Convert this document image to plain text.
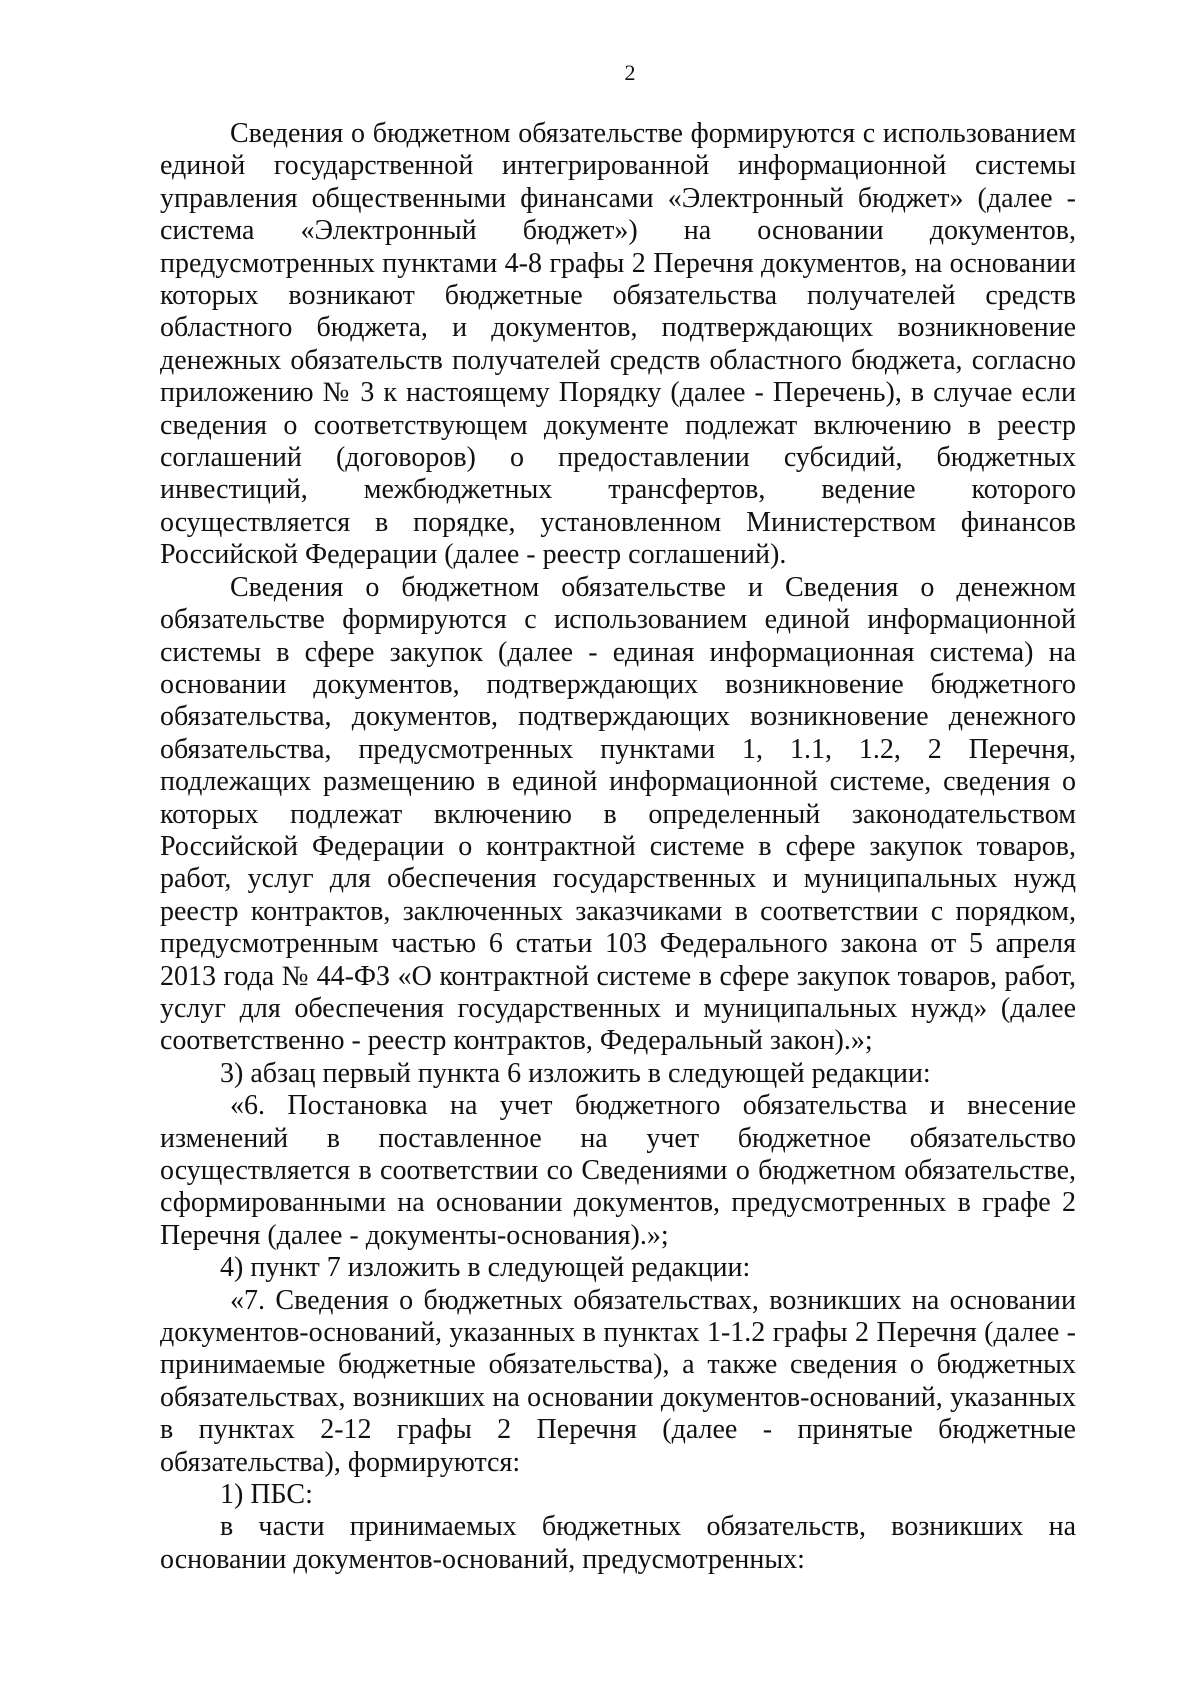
2

Сведения о бюджетном обязательстве формируются с использованием единой государственной интегрированной информационной системы управления общественными финансами «Электронный бюджет» (далее - система «Электронный бюджет») на основании документов, предусмотренных пунктами 4-8 графы 2 Перечня документов, на основании которых возникают бюджетные обязательства получателей средств областного бюджета, и документов, подтверждающих возникновение денежных обязательств получателей средств областного бюджета, согласно приложению № 3 к настоящему Порядку (далее - Перечень), в случае если сведения о соответствующем документе подлежат включению в реестр соглашений (договоров) о предоставлении субсидий, бюджетных инвестиций, межбюджетных трансфертов, ведение которого осуществляется в порядке, установленном Министерством финансов Российской Федерации (далее - реестр соглашений).

Сведения о бюджетном обязательстве и Сведения о денежном обязательстве формируются с использованием единой информационной системы в сфере закупок (далее - единая информационная система) на основании документов, подтверждающих возникновение бюджетного обязательства, документов, подтверждающих возникновение денежного обязательства, предусмотренных пунктами 1, 1.1, 1.2, 2 Перечня, подлежащих размещению в единой информационной системе, сведения о которых подлежат включению в определенный законодательством Российской Федерации о контрактной системе в сфере закупок товаров, работ, услуг для обеспечения государственных и муниципальных нужд реестр контрактов, заключенных заказчиками в соответствии с порядком, предусмотренным частью 6 статьи 103 Федерального закона от 5 апреля 2013 года № 44-ФЗ «О контрактной системе в сфере закупок товаров, работ, услуг для обеспечения государственных и муниципальных нужд» (далее соответственно - реестр контрактов, Федеральный закон).»;

3) абзац первый пункта 6 изложить в следующей редакции:

«6. Постановка на учет бюджетного обязательства и внесение изменений в поставленное на учет бюджетное обязательство осуществляется в соответствии со Сведениями о бюджетном обязательстве, сформированными на основании документов, предусмотренных в графе 2 Перечня (далее - документы-основания).»;

4) пункт 7 изложить в следующей редакции:

«7. Сведения о бюджетных обязательствах, возникших на основании документов-оснований, указанных в пунктах 1-1.2 графы 2 Перечня (далее - принимаемые бюджетные обязательства), а также сведения о бюджетных обязательствах, возникших на основании документов-оснований, указанных в пунктах 2-12 графы 2 Перечня (далее - принятые бюджетные обязательства), формируются:

1) ПБС:

в части принимаемых бюджетных обязательств, возникших на основании документов-оснований, предусмотренных:
